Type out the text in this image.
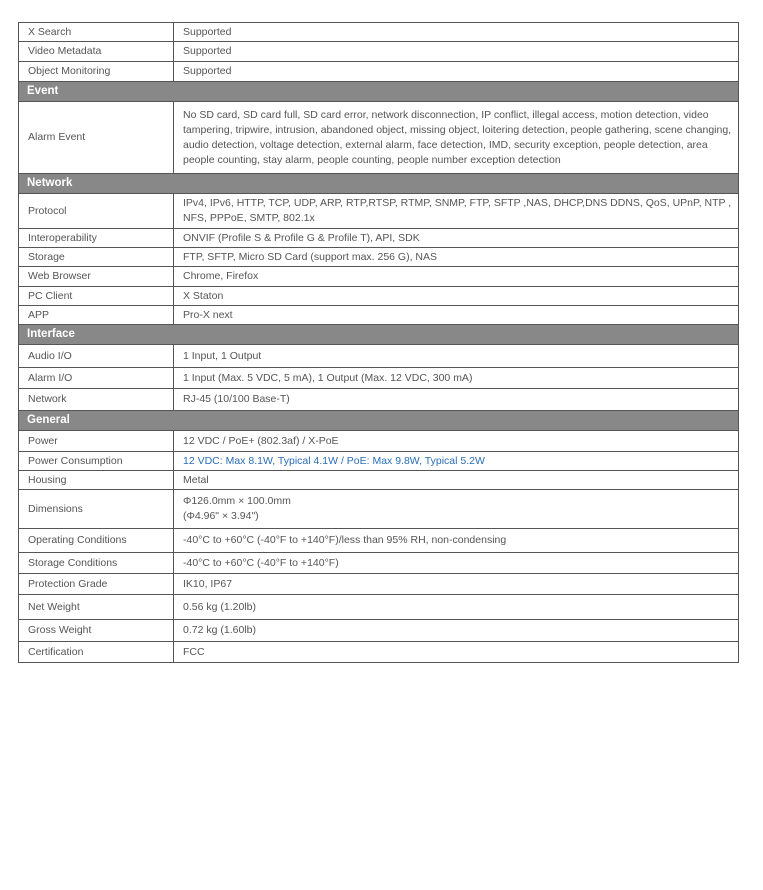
X Search	Supported
Video Metadata	Supported
Object Monitoring	Supported
Event	
Alarm Event	No SD card, SD card full, SD card error, network disconnection, IP conflict, illegal access, motion detection, video tampering, tripwire, intrusion, abandoned object, missing object, loitering detection, people gathering, scene changing, audio detection, voltage detection, external alarm, face detection, IMD, security exception, people detection, area people counting, stay alarm, people counting, people number exception detection
Network	
Protocol	IPv4, IPv6, HTTP, TCP, UDP, ARP, RTP,RTSP, RTMP, SNMP, FTP, SFTP ,NAS, DHCP,DNS DDNS, QoS, UPnP, NTP , NFS, PPPoE, SMTP, 802.1x
Interoperability	ONVIF (Profile S & Profile G & Profile T), API, SDK
Storage	FTP, SFTP, Micro SD Card (support max. 256 G), NAS
Web Browser	Chrome, Firefox
PC Client	X Staton
APP	Pro-X next
Interface	
Audio I/O	1 Input, 1 Output
Alarm I/O	1 Input (Max. 5 VDC, 5 mA), 1 Output (Max. 12 VDC, 300 mA)
Network	RJ-45 (10/100 Base-T)
General	
Power	12 VDC / PoE+ (802.3af) / X-PoE
Power Consumption	12 VDC: Max 8.1W, Typical 4.1W / PoE: Max 9.8W, Typical 5.2W
Housing	Metal
Dimensions	Φ126.0mm × 100.0mm
(Φ4.96" × 3.94")

Operating Conditions	-40°C to +60°C (-40°F to +140°F)/less than 95% RH, non-condensing
Storage Conditions	-40°C to +60°C (-40°F to +140°F)
Protection Grade	IK10, IP67
Net Weight	0.56 kg (1.20lb)
Gross Weight	0.72 kg (1.60lb)
Certification	FCC
